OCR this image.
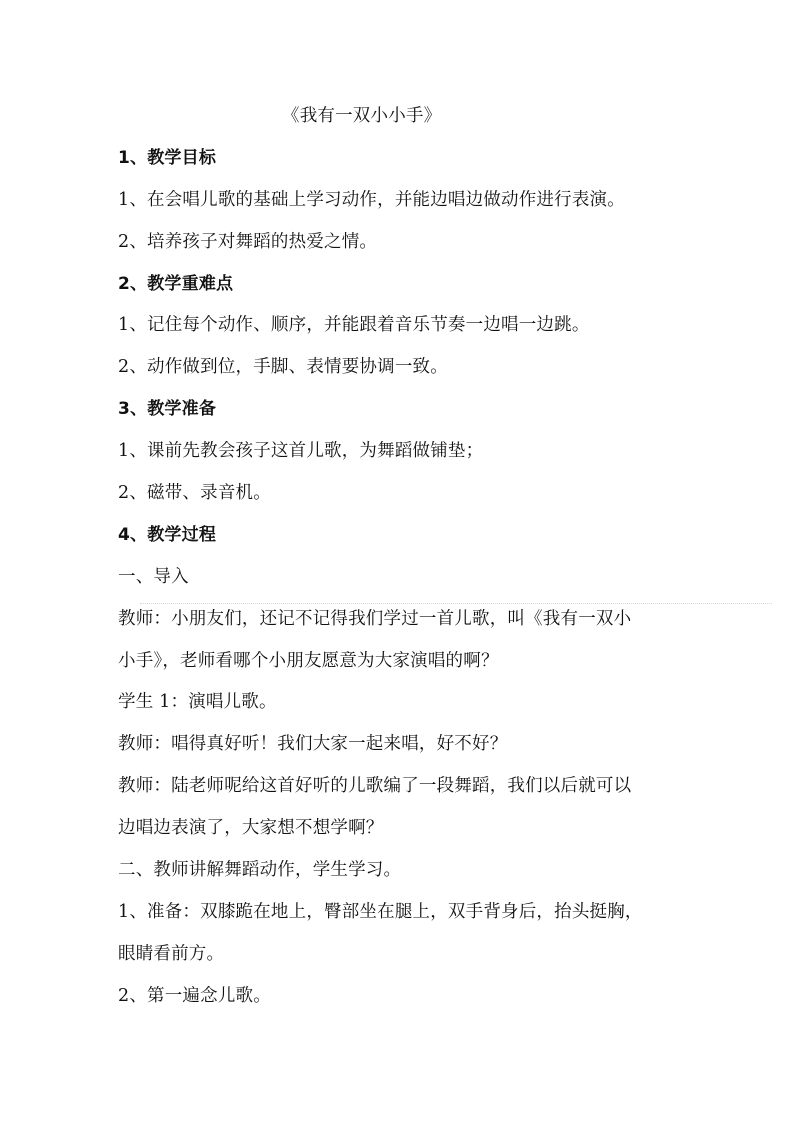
《我有一双小小手》
1、教学目标
1、在会唱儿歌的基础上学习动作，并能边唱边做动作进行表演。
2、培养孩子对舞蹈的热爱之情。
2、教学重难点
1、记住每个动作、顺序，并能跟着音乐节奏一边唱一边跳。
2、动作做到位，手脚、表情要协调一致。
3、教学准备
1、课前先教会孩子这首儿歌，为舞蹈做铺垫；
2、磁带、录音机。
4、教学过程
一、导入
教师：小朋友们，还记不记得我们学过一首儿歌，叫《我有一双小
小手》，老师看哪个小朋友愿意为大家演唱的啊？
学生 1：演唱儿歌。
教师：唱得真好听！我们大家一起来唱，好不好？
教师：陆老师呢给这首好听的儿歌编了一段舞蹈，我们以后就可以
边唱边表演了，大家想不想学啊？
二、教师讲解舞蹈动作，学生学习。
1、准备：双膝跪在地上，臀部坐在腿上，双手背身后，抬头挺胸，
眼睛看前方。
2、第一遍念儿歌。
